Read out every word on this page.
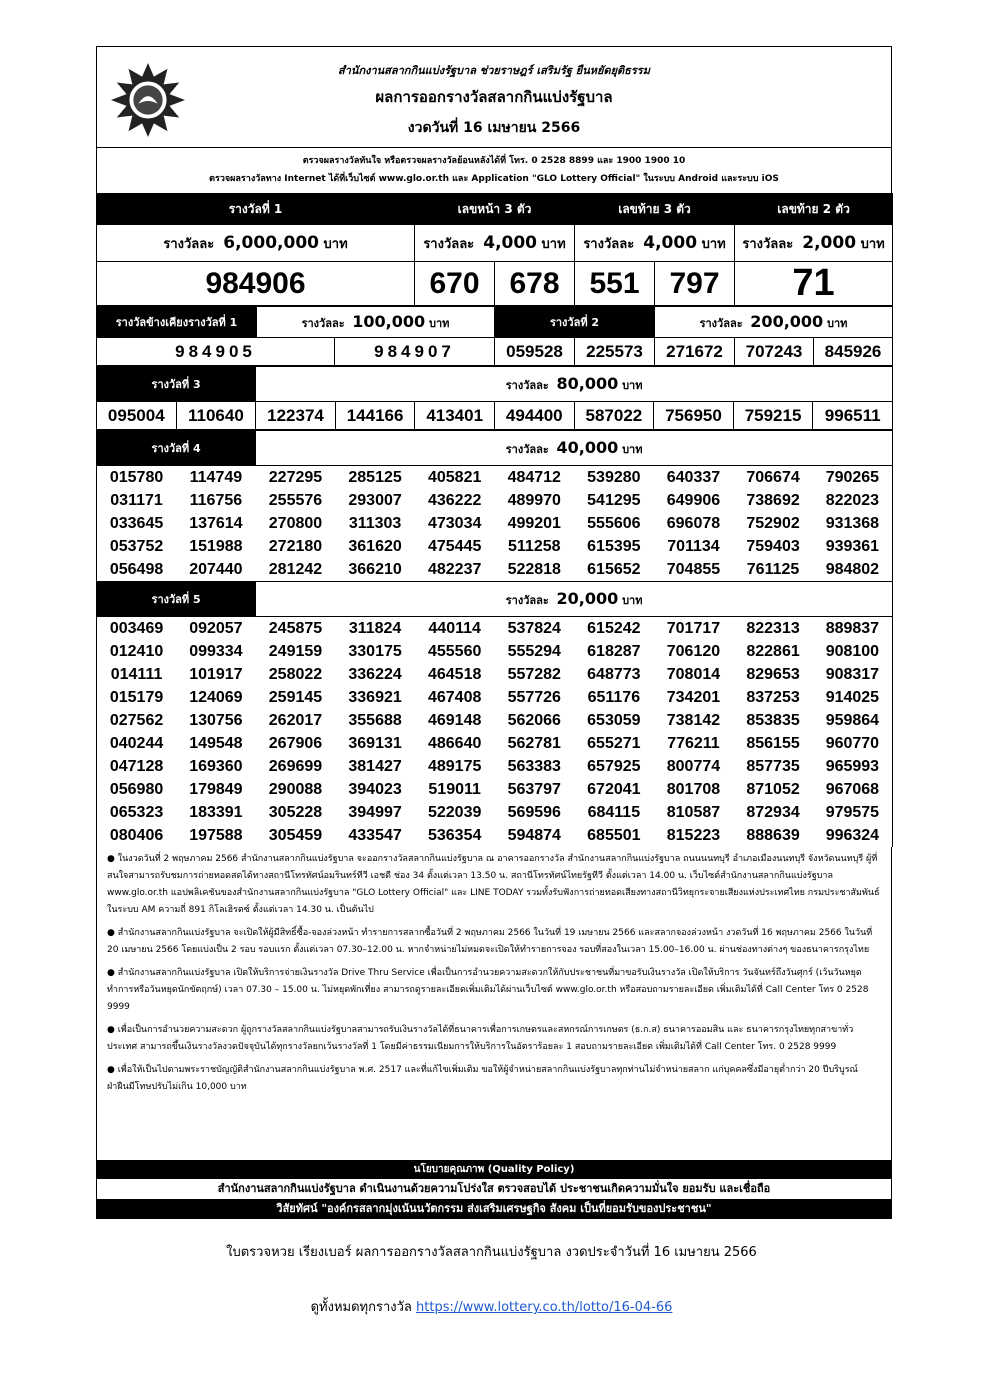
สำนักงานสลากกินแบ่งรัฐบาล ช่วยราษฎร์ เสริมรัฐ ยืนหยัดยุติธรรม
ผลการออกรางวัลสลากกินแบ่งรัฐบาล
งวดวันที่ 16 เมษายน 2566
ตรวจผลรางวัลทันใจ หรือตรวจผลรางวัลย้อนหลังได้ที่ โทร. 0 2528 8899 และ 1900 1900 10
ตรวจผลรางวัลทาง Internet ได้ที่เว็บไซต์ www.glo.or.th และ Application "GLO Lottery Official" ในระบบ Android และระบบ iOS
รางวัลที่ 1	เลขหน้า 3 ตัว		เลขท้าย 3 ตัว		เลขท้าย 2 ตัว
รางวัลละ 6,000,000 บาท	รางวัลละ 4,000 บาท		รางวัลละ 4,000 บาท		รางวัลละ 2,000 บาท
984906	670	678	551	797	71
รางวัลข้างเคียงรางวัลที่ 1	รางวัลละ 100,000 บาท		รางวัลที่ 2		รางวัลละ 200,000 บาท		
984905		984907	059528	225573	271672	707243	845926
รางวัลที่ 3		รางวัลละ 80,000 บาท							
095004	110640	122374	144166	413401	494400	587022	756950	759215	996511
รางวัลที่ 4	รางวัลละ 40,000 บาท
015780	114749	227295	285125	405821	484712	539280	640337	706674	790265
031171	116756	255576	293007	436222	489970	541295	649906	738692	822023
033645	137614	270800	311303	473034	499201	555606	696078	752902	931368
053752	151988	272180	361620	475445	511258	615395	701134	759403	939361
056498	207440	281242	366210	482237	522818	615652	704855	761125	984802
รางวัลที่ 5	รางวัลละ 20,000 บาท
003469	092057	245875	311824	440114	537824	615242	701717	822313	889837
012410	099334	249159	330175	455560	555294	618287	706120	822861	908100
014111	101917	258022	336224	464518	557282	648773	708014	829653	908317
015179	124069	259145	336921	467408	557726	651176	734201	837253	914025
027562	130756	262017	355688	469148	562066	653059	738142	853835	959864
040244	149548	267906	369131	486640	562781	655271	776211	856155	960770
047128	169360	269699	381427	489175	563383	657925	800774	857735	965993
056980	179849	290088	394023	519011	563797	672041	801708	871052	967068
065323	183391	305228	394997	522039	569596	684115	810587	872934	979575
080406	197588	305459	433547	536354	594874	685501	815223	888639	996324

● ในงวดวันที่ 2 พฤษภาคม 2566 สำนักงานสลากกินแบ่งรัฐบาล จะออกรางวัลสลากกินแบ่งรัฐบาล ณ อาคารออกรางวัล สำนักงานสลากกินแบ่งรัฐบาล ถนนนนทบุรี อำเภอเมืองนนทบุรี จังหวัดนนทบุรี ผู้ที่สนใจสามารถรับชมการถ่ายทอดสดได้ทางสถานีโทรทัศน์อมรินทร์ทีวี เอชดี ช่อง 34 ตั้งแต่เวลา 13.50 น. สถานีโทรทัศน์ไทยรัฐทีวี ตั้งแต่เวลา 14.00 น. เว็บไซต์สำนักงานสลากกินแบ่งรัฐบาล www.glo.or.th แอปพลิเคชันของสำนักงานสลากกินแบ่งรัฐบาล "GLO Lottery Official" และ LINE TODAY รวมทั้งรับฟังการถ่ายทอดเสียงทางสถานีวิทยุกระจายเสียงแห่งประเทศไทย กรมประชาสัมพันธ์ ในระบบ AM ความถี่ 891 กิโลเฮิรตซ์ ตั้งแต่เวลา 14.30 น. เป็นต้นไป

● สำนักงานสลากกินแบ่งรัฐบาล จะเปิดให้ผู้มีสิทธิ์ซื้อ-จองล่วงหน้า ทำรายการสลากซื้อวันที่ 2 พฤษภาคม 2566 ในวันที่ 19 เมษายน 2566 และสลากจองล่วงหน้า งวดวันที่ 16 พฤษภาคม 2566 ในวันที่ 20 เมษายน 2566 โดยแบ่งเป็น 2 รอบ รอบแรก ตั้งแต่เวลา 07.30–12.00 น. หากจำหน่ายไม่หมดจะเปิดให้ทำรายการจอง รอบที่สองในเวลา 15.00–16.00 น. ผ่านช่องทางต่างๆ ของธนาคารกรุงไทย

● สำนักงานสลากกินแบ่งรัฐบาล เปิดให้บริการจ่ายเงินรางวัล Drive Thru Service เพื่อเป็นการอำนวยความสะดวกให้กับประชาชนที่มาขอรับเงินรางวัล เปิดให้บริการ วันจันทร์ถึงวันศุกร์ (เว้นวันหยุดทำการหรือวันหยุดนักขัตฤกษ์) เวลา 07.30 – 15.00 น. ไม่หยุดพักเที่ยง สามารถดูรายละเอียดเพิ่มเติมได้ผ่านเว็บไซต์ www.glo.or.th หรือสอบถามรายละเอียด เพิ่มเติมได้ที่ Call Center โทร 0 2528 9999

● เพื่อเป็นการอำนวยความสะดวก ผู้ถูกรางวัลสลากกินแบ่งรัฐบาลสามารถรับเงินรางวัลได้ที่ธนาคารเพื่อการเกษตรและสหกรณ์การเกษตร (ธ.ก.ส) ธนาคารออมสิน และ ธนาคารกรุงไทยทุกสาขาทั่วประเทศ สามารถขึ้นเงินรางวัลงวดปัจจุบันได้ทุกรางวัลยกเว้นรางวัลที่ 1 โดยมีค่าธรรมเนียมการให้บริการในอัตราร้อยละ 1 สอบถามรายละเอียด เพิ่มเติมได้ที่ Call Center โทร. 0 2528 9999

● เพื่อให้เป็นไปตามพระราชบัญญัติสำนักงานสลากกินแบ่งรัฐบาล พ.ศ. 2517 และที่แก้ไขเพิ่มเติม ขอให้ผู้จำหน่ายสลากกินแบ่งรัฐบาลทุกท่านไม่จำหน่ายสลาก แก่บุคคลซึ่งมีอายุต่ำกว่า 20 ปีบริบูรณ์ ฝ่าฝืนมีโทษปรับไม่เกิน 10,000 บาท

นโยบายคุณภาพ (Quality Policy)
สำนักงานสลากกินแบ่งรัฐบาล ดำเนินงานด้วยความโปร่งใส ตรวจสอบได้ ประชาชนเกิดความมั่นใจ ยอมรับ และเชื่อถือ
วิสัยทัศน์ "องค์กรสลากมุ่งเน้นนวัตกรรม ส่งเสริมเศรษฐกิจ สังคม เป็นที่ยอมรับของประชาชน"
ใบตรวจหวย เรียงเบอร์ ผลการออกรางวัลสลากกินแบ่งรัฐบาล งวดประจำวันที่ 16 เมษายน 2566
ดูทั้งหมดทุกรางวัล https://www.lottery.co.th/lotto/16-04-66
